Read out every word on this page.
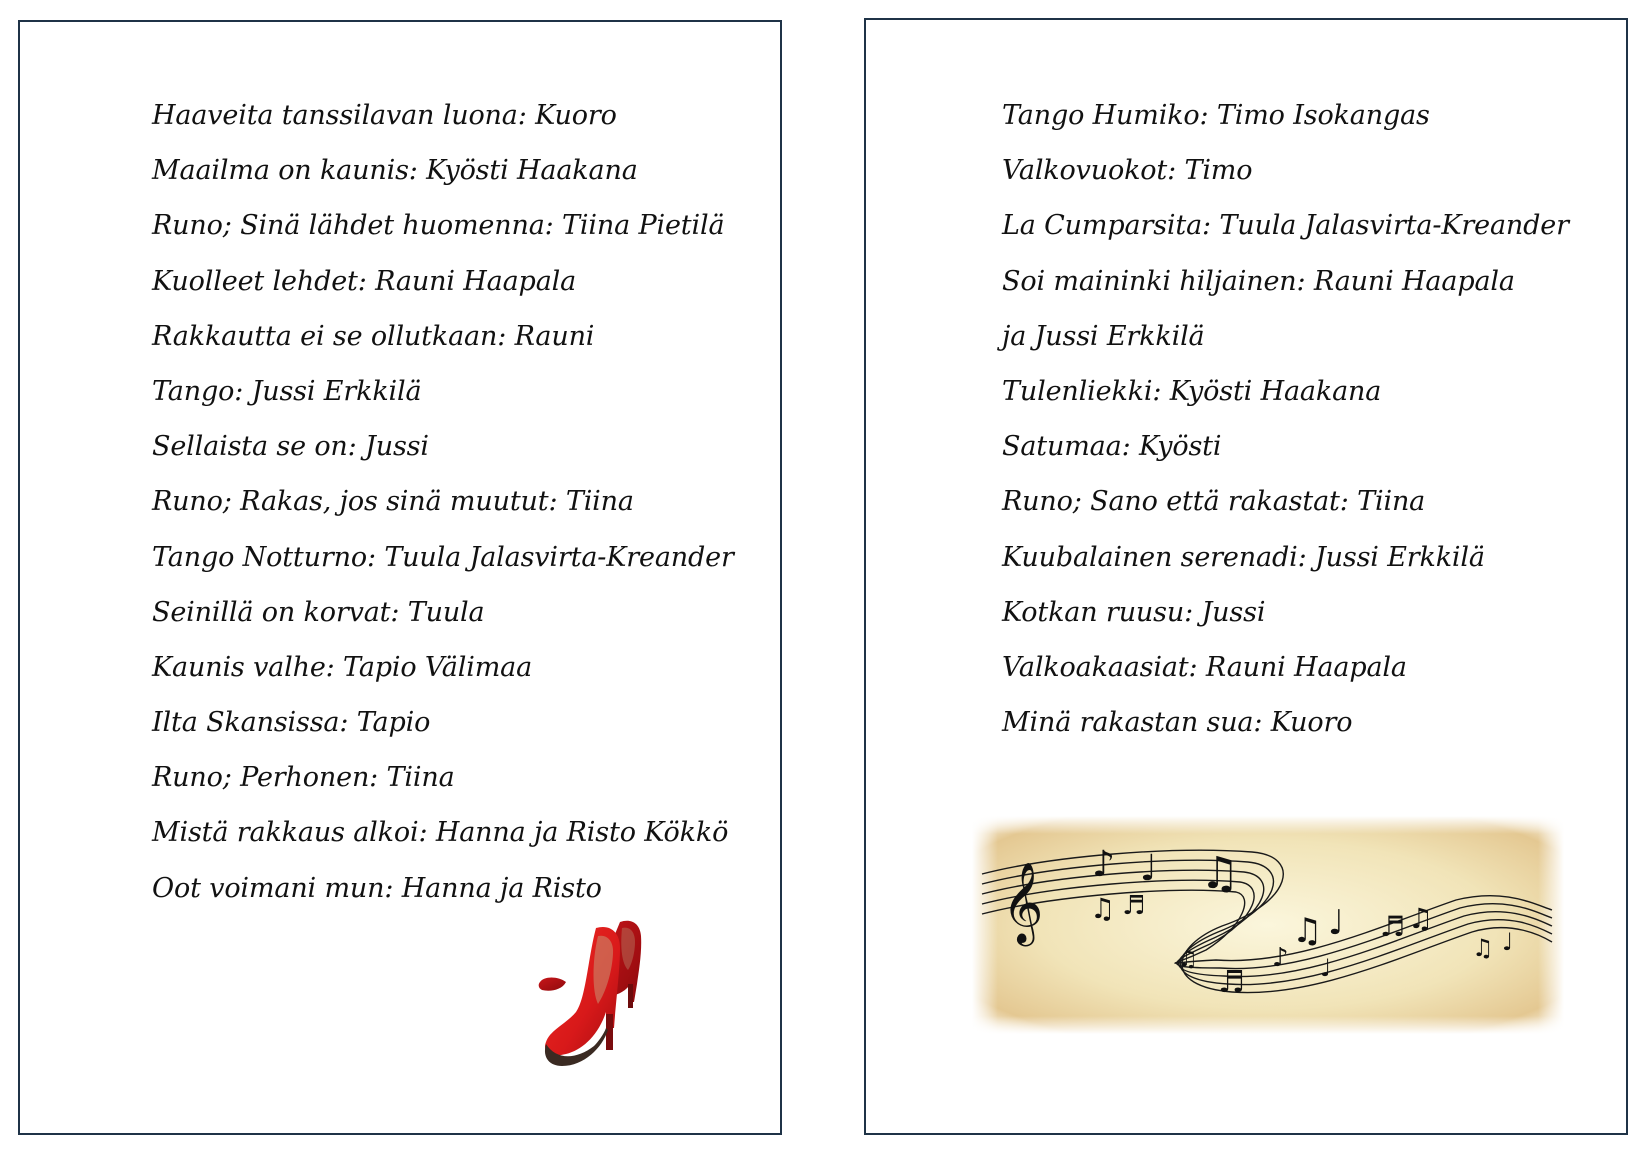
Haaveita tanssilavan luona: Kuoro
Maailma on kaunis: Kyösti Haakana
Runo; Sinä lähdet huomenna: Tiina Pietilä
Kuolleet lehdet: Rauni Haapala
Rakkautta ei se ollutkaan: Rauni
Tango: Jussi Erkkilä
Sellaista se on: Jussi
Runo; Rakas, jos sinä muutut: Tiina
Tango Notturno: Tuula Jalasvirta-Kreander
Seinillä on korvat: Tuula
Kaunis valhe: Tapio Välimaa
Ilta Skansissa: Tapio
Runo; Perhonen: Tiina
Mistä rakkaus alkoi: Hanna ja Risto Kökkö
Oot voimani mun: Hanna ja Risto
Tango Humiko: Timo Isokangas
Valkovuokot: Timo
La Cumparsita: Tuula Jalasvirta-Kreander
Soi maininki hiljainen: Rauni Haapala
ja Jussi Erkkilä
Tulenliekki: Kyösti Haakana
Satumaa: Kyösti
Runo; Sano että rakastat: Tiina
Kuubalainen serenadi: Jussi Erkkilä
Kotkan ruusu: Jussi
Valkoakaasiat: Rauni Haapala
Minä rakastan sua: Kuoro
𝄞 ♪ ♩ ♫
♫ ♬
♫ ♩ ♬ ♫
♪ ♩
♬
♫	♫ ♩
